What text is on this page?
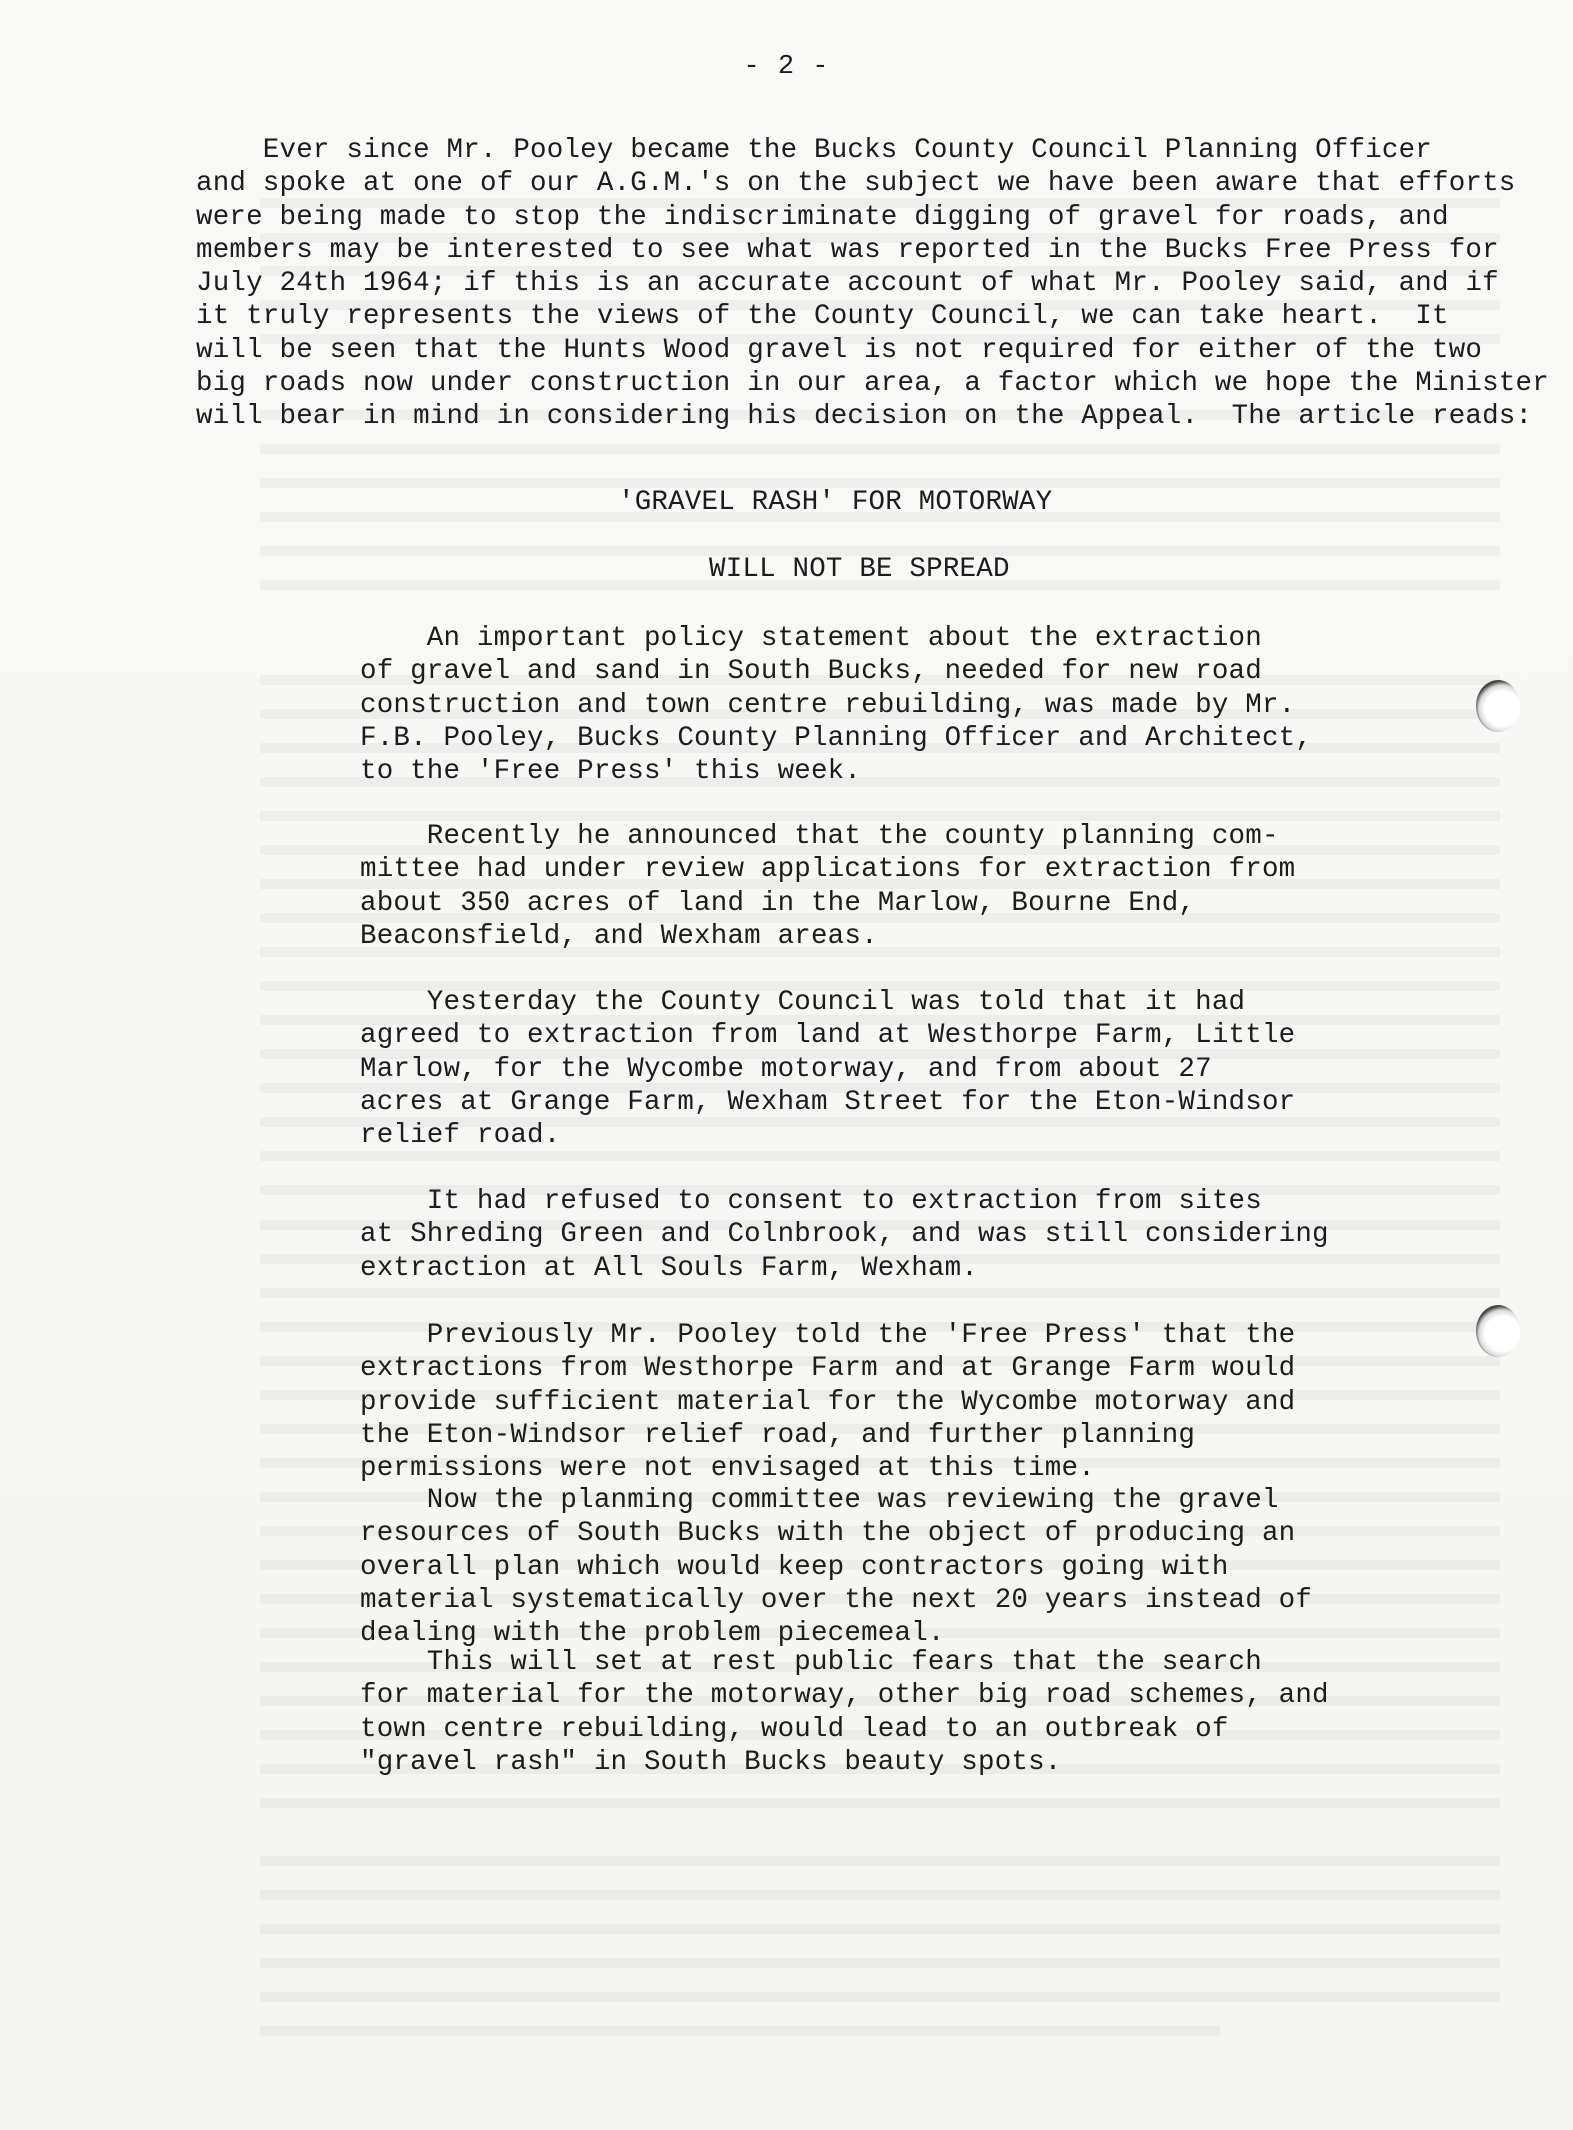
- 2 -
Ever since Mr. Pooley became the Bucks County Council Planning Officer
and spoke at one of our A.G.M.'s on the subject we have been aware that efforts
were being made to stop the indiscriminate digging of gravel for roads, and
members may be interested to see what was reported in the Bucks Free Press for
July 24th 1964; if this is an accurate account of what Mr. Pooley said, and if
it truly represents the views of the County Council, we can take heart.  It
will be seen that the Hunts Wood gravel is not required for either of the two
big roads now under construction in our area, a factor which we hope the Minister
will bear in mind in considering his decision on the Appeal.  The article reads:
'GRAVEL RASH' FOR MOTORWAY
WILL NOT BE SPREAD
An important policy statement about the extraction
of gravel and sand in South Bucks, needed for new road
construction and town centre rebuilding, was made by Mr.
F.B. Pooley, Bucks County Planning Officer and Architect,
to the 'Free Press' this week.
Recently he announced that the county planning com-
mittee had under review applications for extraction from
about 350 acres of land in the Marlow, Bourne End,
Beaconsfield, and Wexham areas.
Yesterday the County Council was told that it had
agreed to extraction from land at Westhorpe Farm, Little
Marlow, for the Wycombe motorway, and from about 27
acres at Grange Farm, Wexham Street for the Eton-Windsor
relief road.
It had refused to consent to extraction from sites
at Shreding Green and Colnbrook, and was still considering
extraction at All Souls Farm, Wexham.
Previously Mr. Pooley told the 'Free Press' that the
extractions from Westhorpe Farm and at Grange Farm would
provide sufficient material for the Wycombe motorway and
the Eton-Windsor relief road, and further planning
permissions were not envisaged at this time.
Now the planming committee was reviewing the gravel
resources of South Bucks with the object of producing an
overall plan which would keep contractors going with
material systematically over the next 20 years instead of
dealing with the problem piecemeal.
This will set at rest public fears that the search
for material for the motorway, other big road schemes, and
town centre rebuilding, would lead to an outbreak of
"gravel rash" in South Bucks beauty spots.
